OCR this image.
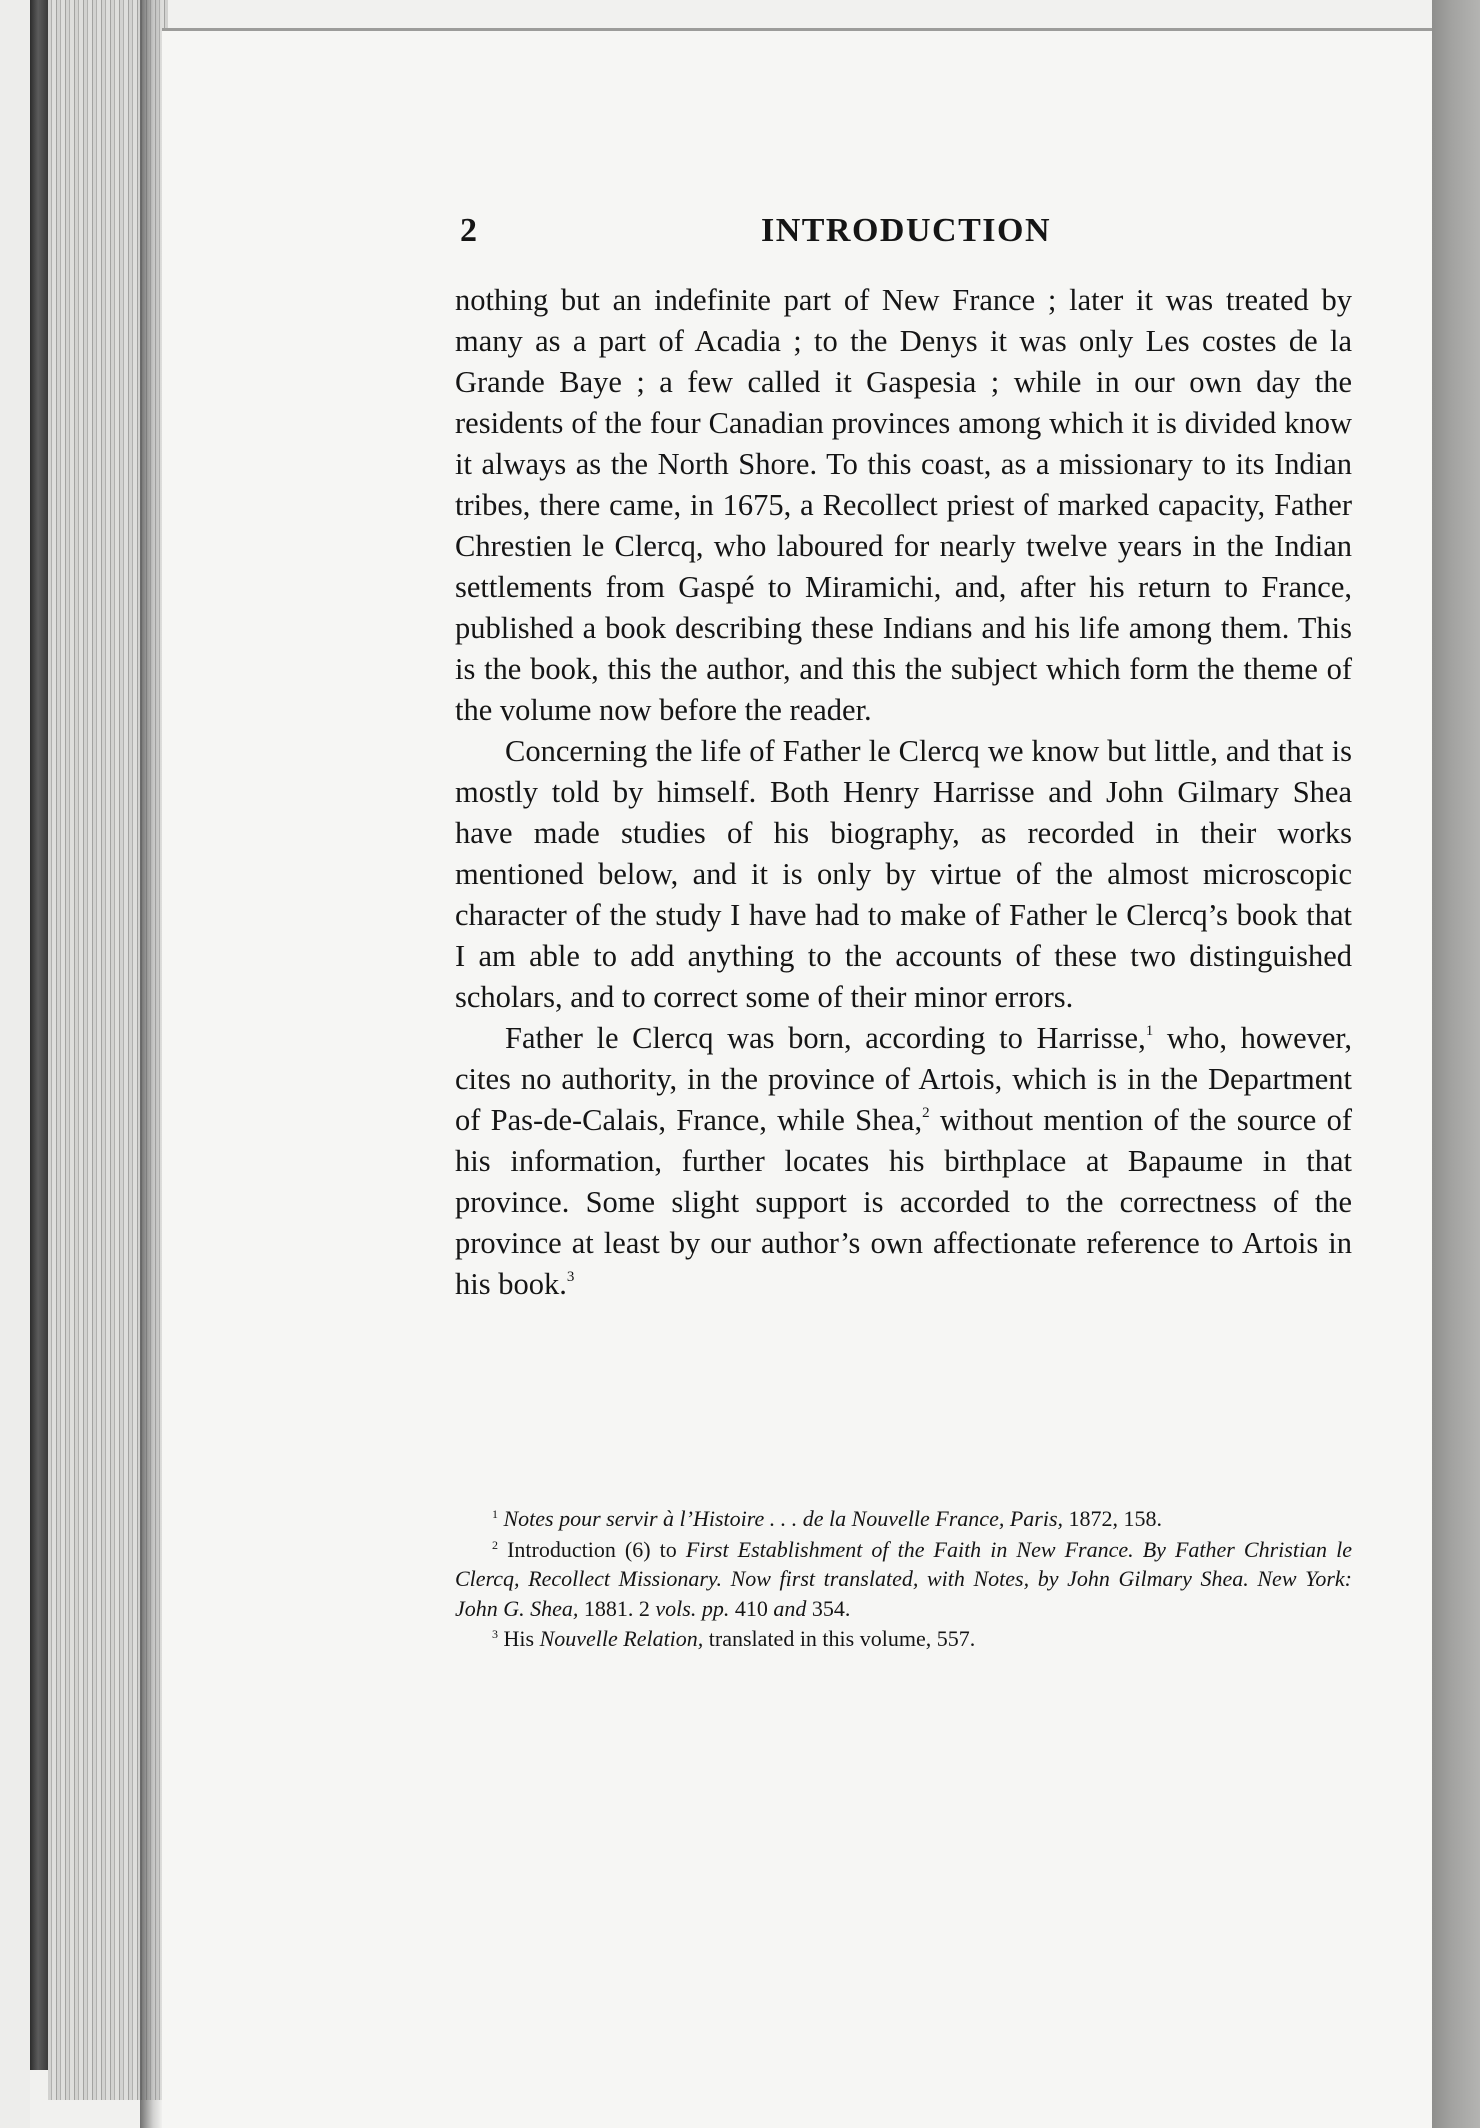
2	INTRODUCTION

nothing but an indefinite part of New France ; later it was treated by many as a part of Acadia ; to the Denys it was only Les costes de la Grande Baye ; a few called it Gaspesia ; while in our own day the residents of the four Canadian provinces among which it is divided know it always as the North Shore. To this coast, as a missionary to its Indian tribes, there came, in 1675, a Recollect priest of marked capacity, Father Chrestien le Clercq, who laboured for nearly twelve years in the Indian settlements from Gaspé to Miramichi, and, after his return to France, published a book describing these Indians and his life among them. This is the book, this the author, and this the subject which form the theme of the volume now before the reader.

Concerning the life of Father le Clercq we know but little, and that is mostly told by himself. Both Henry Harrisse and John Gilmary Shea have made studies of his biography, as recorded in their works mentioned below, and it is only by virtue of the almost microscopic character of the study I have had to make of Father le Clercq’s book that I am able to add anything to the accounts of these two distinguished scholars, and to correct some of their minor errors.

Father le Clercq was born, according to Harrisse,$^1$ who, however, cites no authority, in the province of Artois, which is in the Department of Pas-de-Calais, France, while Shea,$^2$ without mention of the source of his information, further locates his birthplace at Bapaume in that province. Some slight support is accorded to the correctness of the province at least by our author’s own affectionate reference to Artois in his book.$^3$

$^1$ Notes pour servir à l’Histoire . . . de la Nouvelle France, Paris, 1872, 158.

$^2$ Introduction (6) to First Establishment of the Faith in New France. By Father Christian le Clercq, Recollect Missionary. Now first translated, with Notes, by John Gilmary Shea. New York: John G. Shea, 1881. 2 vols. pp. 410 and 354.

$^3$ His Nouvelle Relation, translated in this volume, 557.
